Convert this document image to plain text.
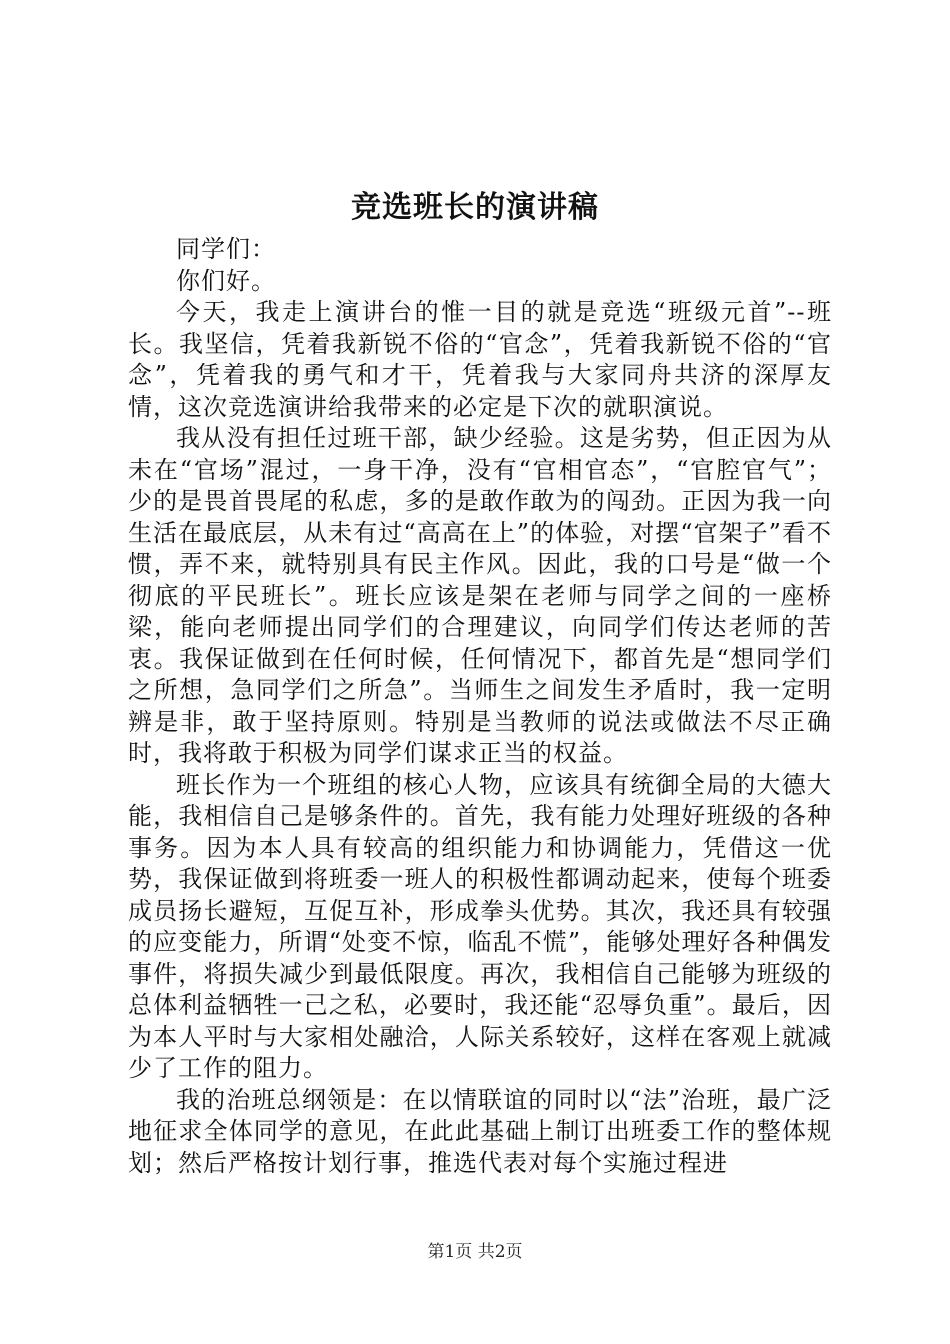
竞选班长的演讲稿

同学们：

你们好。

今天，我走上演讲台的惟一目的就是竞选“班级元首”--班长。我坚信，凭着我新锐不俗的“官念”，凭着我新锐不俗的“官念”，凭着我的勇气和才干，凭着我与大家同舟共济的深厚友情，这次竞选演讲给我带来的必定是下次的就职演说。

我从没有担任过班干部，缺少经验。这是劣势，但正因为从未在“官场”混过，一身干净，没有“官相官态”，“官腔官气”；少的是畏首畏尾的私虑，多的是敢作敢为的闯劲。正因为我一向生活在最底层，从未有过“高高在上”的体验，对摆“官架子”看不惯，弄不来，就特别具有民主作风。因此，我的口号是“做一个彻底的平民班长”。班长应该是架在老师与同学之间的一座桥梁，能向老师提出同学们的合理建议，向同学们传达老师的苦衷。我保证做到在任何时候，任何情况下，都首先是“想同学们之所想，急同学们之所急”。当师生之间发生矛盾时，我一定明辨是非，敢于坚持原则。特别是当教师的说法或做法不尽正确时，我将敢于积极为同学们谋求正当的权益。

班长作为一个班组的核心人物，应该具有统御全局的大德大能，我相信自己是够条件的。首先，我有能力处理好班级的各种事务。因为本人具有较高的组织能力和协调能力，凭借这一优势，我保证做到将班委一班人的积极性都调动起来，使每个班委成员扬长避短，互促互补，形成拳头优势。其次，我还具有较强的应变能力，所谓“处变不惊，临乱不慌”，能够处理好各种偶发事件，将损失减少到最低限度。再次，我相信自己能够为班级的总体利益牺牲一己之私，必要时，我还能“忍辱负重”。最后，因为本人平时与大家相处融洽，人际关系较好，这样在客观上就减少了工作的阻力。

我的治班总纲领是：在以情联谊的同时以“法”治班，最广泛地征求全体同学的意见，在此此基础上制订出班委工作的整体规划；然后严格按计划行事，推选代表对每个实施过程进

第1页 共2页
